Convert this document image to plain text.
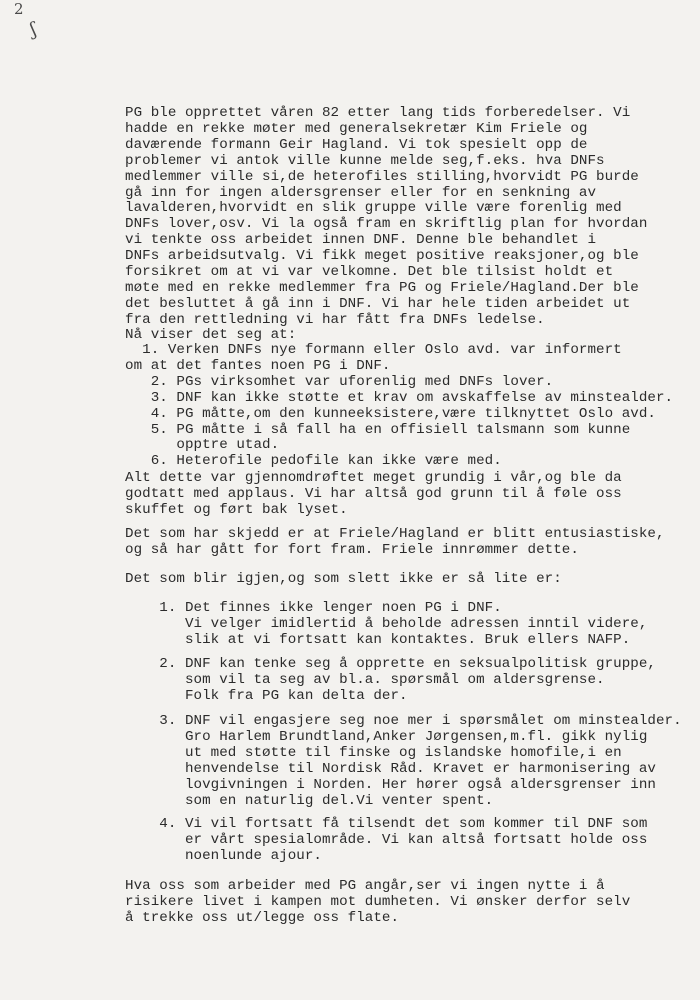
2
ʃ
PG ble opprettet våren 82 etter lang tids forberedelser. Vi
hadde en rekke møter med generalsekretær Kim Friele og
daværende formann Geir Hagland. Vi tok spesielt opp de
problemer vi antok ville kunne melde seg,f.eks. hva DNFs
medlemmer ville si,de heterofiles stilling,hvorvidt PG burde
gå inn for ingen aldersgrenser eller for en senkning av
lavalderen,hvorvidt en slik gruppe ville være forenlig med
DNFs lover,osv. Vi la også fram en skriftlig plan for hvordan
vi tenkte oss arbeidet innen DNF. Denne ble behandlet i
DNFs arbeidsutvalg. Vi fikk meget positive reaksjoner,og ble
forsikret om at vi var velkomne. Det ble tilsist holdt et
møte med en rekke medlemmer fra PG og Friele/Hagland.Der ble
det besluttet å gå inn i DNF. Vi har hele tiden arbeidet ut
fra den rettledning vi har fått fra DNFs ledelse.
Nå viser det seg at:
1. Verken DNFs nye formann eller Oslo avd. var informert
om at det fantes noen PG i DNF.
2. PGs virksomhet var uforenlig med DNFs lover.
3. DNF kan ikke støtte et krav om avskaffelse av minstealder.
4. PG måtte,om den kunneeksistere,være tilknyttet Oslo avd.
5. PG måtte i så fall ha en offisiell talsmann som kunne
opptre utad.
6. Heterofile pedofile kan ikke være med.
Alt dette var gjennomdrøftet meget grundig i vår,og ble da
godtatt med applaus. Vi har altså god grunn til å føle oss
skuffet og ført bak lyset.
Det som har skjedd er at Friele/Hagland er blitt entusiastiske,
og så har gått for fort fram. Friele innrømmer dette.
Det som blir igjen,og som slett ikke er så lite er:
1. Det finnes ikke lenger noen PG i DNF.
Vi velger imidlertid å beholde adressen inntil videre,
slik at vi fortsatt kan kontaktes. Bruk ellers NAFP.
2. DNF kan tenke seg å opprette en seksualpolitisk gruppe,
som vil ta seg av bl.a. spørsmål om aldersgrense.
Folk fra PG kan delta der.
3. DNF vil engasjere seg noe mer i spørsmålet om minstealder.
Gro Harlem Brundtland,Anker Jørgensen,m.fl. gikk nylig
ut med støtte til finske og islandske homofile,i en
henvendelse til Nordisk Råd. Kravet er harmonisering av
lovgivningen i Norden. Her hører også aldersgrenser inn
som en naturlig del.Vi venter spent.
4. Vi vil fortsatt få tilsendt det som kommer til DNF som
er vårt spesialområde. Vi kan altså fortsatt holde oss
noenlunde ajour.
Hva oss som arbeider med PG angår,ser vi ingen nytte i å
risikere livet i kampen mot dumheten. Vi ønsker derfor selv
å trekke oss ut/legge oss flate.
